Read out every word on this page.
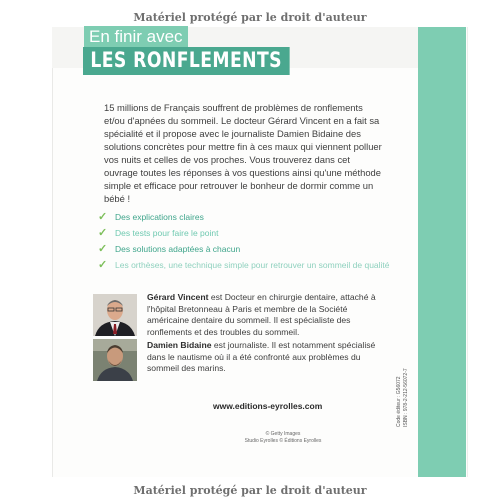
Matériel protégé par le droit d'auteur
En finir avec
LES RONFLEMENTS
15 millions de Français souffrent de problèmes de ronflements et/ou d'apnées du sommeil. Le docteur Gérard Vincent en a fait sa spécialité et il propose avec le journaliste Damien Bidaine des solutions concrètes pour mettre fin à ces maux qui viennent polluer vos nuits et celles de vos proches. Vous trouverez dans cet ouvrage toutes les réponses à vos questions ainsi qu'une méthode simple et efficace pour retrouver le bonheur de dormir comme un bébé !
✓ Des explications claires
✓ Des tests pour faire le point
✓ Des solutions adaptées à chacun
✓ Les orthèses, une technique simple pour retrouver un sommeil de qualité
Gérard Vincent est Docteur en chirurgie dentaire, attaché à l'hôpital Bretonneau à Paris et membre de la Société américaine dentaire du sommeil. Il est spécialiste des ronflements et des troubles du sommeil.
Damien Bidaine est journaliste. Il est notamment spécialisé dans le nautisme où il a été confronté aux problèmes du sommeil des marins.
www.editions-eyrolles.com
© Getty Images
Studio Eyrolles © Éditions Eyrolles
Code éditeur : G56072 ISBN : 978-2-212-56072-7
Matériel protégé par le droit d'auteur
